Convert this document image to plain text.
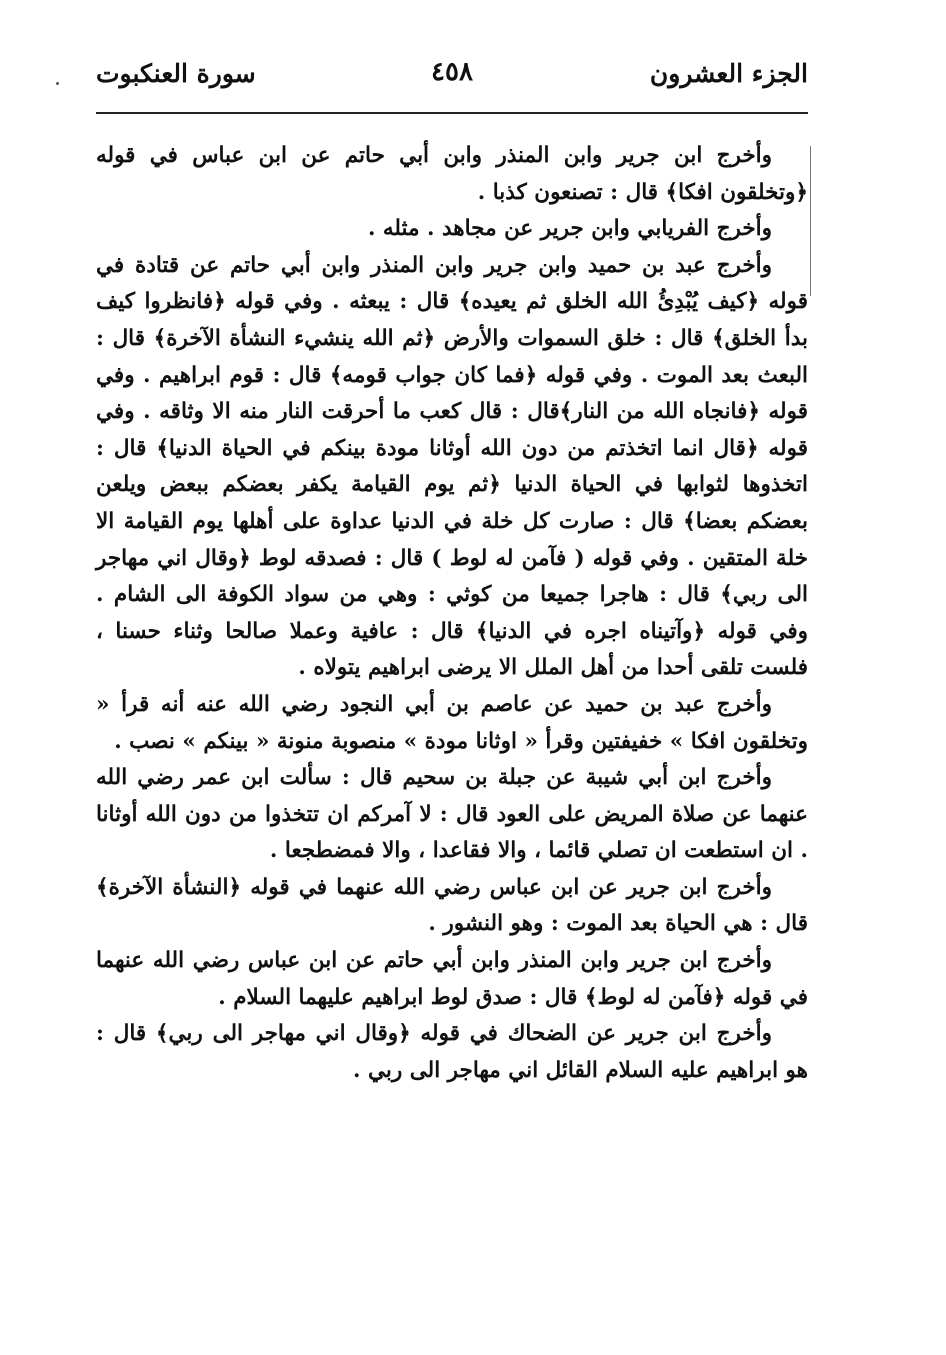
الجزء العشرون
٤٥٨
سورة العنكبوت

وأخرج ابن جرير وابن المنذر وابن أبي حاتم عن ابن عباس في قوله ﴿وتخلقون افكا﴾ قال : تصنعون كذبا .

وأخرج الفريابي وابن جرير عن مجاهد . مثله .

وأخرج عبد بن حميد وابن جرير وابن المنذر وابن أبي حاتم عن قتادة في قوله ﴿كيف يُبْدِئُ الله الخلق ثم يعيده﴾ قال : يبعثه . وفي قوله ﴿فانظروا كيف بدأ الخلق﴾ قال : خلق السموات والأرض ﴿ثم الله ينشيء النشأة الآخرة﴾ قال : البعث بعد الموت . وفي قوله ﴿فما كان جواب قومه﴾ قال : قوم ابراهيم . وفي قوله ﴿فانجاه الله من النار﴾قال : قال كعب ما أحرقت النار منه الا وثاقه . وفي قوله ﴿قال انما اتخذتم من دون الله أوثانا مودة بينكم في الحياة الدنيا﴾ قال : اتخذوها لثوابها في الحياة الدنيا ﴿ثم يوم القيامة يكفر بعضكم ببعض ويلعن بعضكم بعضا﴾ قال : صارت كل خلة في الدنيا عداوة على أهلها يوم القيامة الا خلة المتقين . وفي قوله ( فآمن له لوط ) قال : فصدقه لوط ﴿وقال اني مهاجر الى ربي﴾ قال : هاجرا جميعا من كوثي : وهي من سواد الكوفة الى الشام . وفي قوله ﴿وآتيناه اجره في الدنيا﴾ قال : عافية وعملا صالحا وثناء حسنا ، فلست تلقى أحدا من أهل الملل الا يرضى ابراهيم يتولاه .

وأخرج عبد بن حميد عن عاصم بن أبي النجود رضي الله عنه أنه قرأ « وتخلقون افكا » خفيفتين وقرأ « اوثانا مودة » منصوبة منونة « بينكم » نصب .

وأخرج ابن أبي شيبة عن جبلة بن سحيم قال : سألت ابن عمر رضي الله عنهما عن صلاة المريض على العود قال : لا آمركم ان تتخذوا من دون الله أوثانا . ان استطعت ان تصلي قائما ، والا فقاعدا ، والا فمضطجعا .

وأخرج ابن جرير عن ابن عباس رضي الله عنهما في قوله ﴿النشأة الآخرة﴾ قال : هي الحياة بعد الموت : وهو النشور .

وأخرج ابن جرير وابن المنذر وابن أبي حاتم عن ابن عباس رضي الله عنهما في قوله ﴿فآمن له لوط﴾ قال : صدق لوط ابراهيم عليهما السلام .

وأخرج ابن جرير عن الضحاك في قوله ﴿وقال اني مهاجر الى ربي﴾ قال : هو ابراهيم عليه السلام القائل اني مهاجر الى ربي .
